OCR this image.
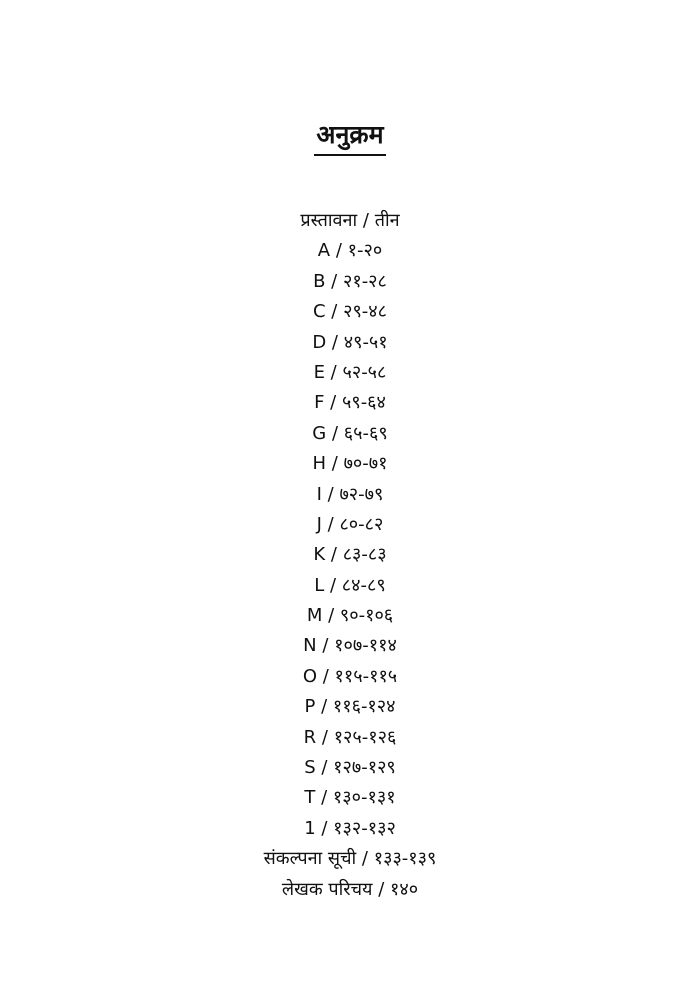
अनुक्रम
प्रस्तावना / तीन
A / १-२०
B / २१-२८
C / २९-४८
D / ४९-५१
E / ५२-५८
F / ५९-६४
G / ६५-६९
H / ७०-७१
I / ७२-७९
J / ८०-८२
K / ८३-८३
L / ८४-८९
M / ९०-१०६
N / १०७-११४
O / ११५-११५
P / ११६-१२४
R / १२५-१२६
S / १२७-१२९
T / १३०-१३१
1 / १३२-१३२
संकल्पना सूची / १३३-१३९
लेखक परिचय / १४०
